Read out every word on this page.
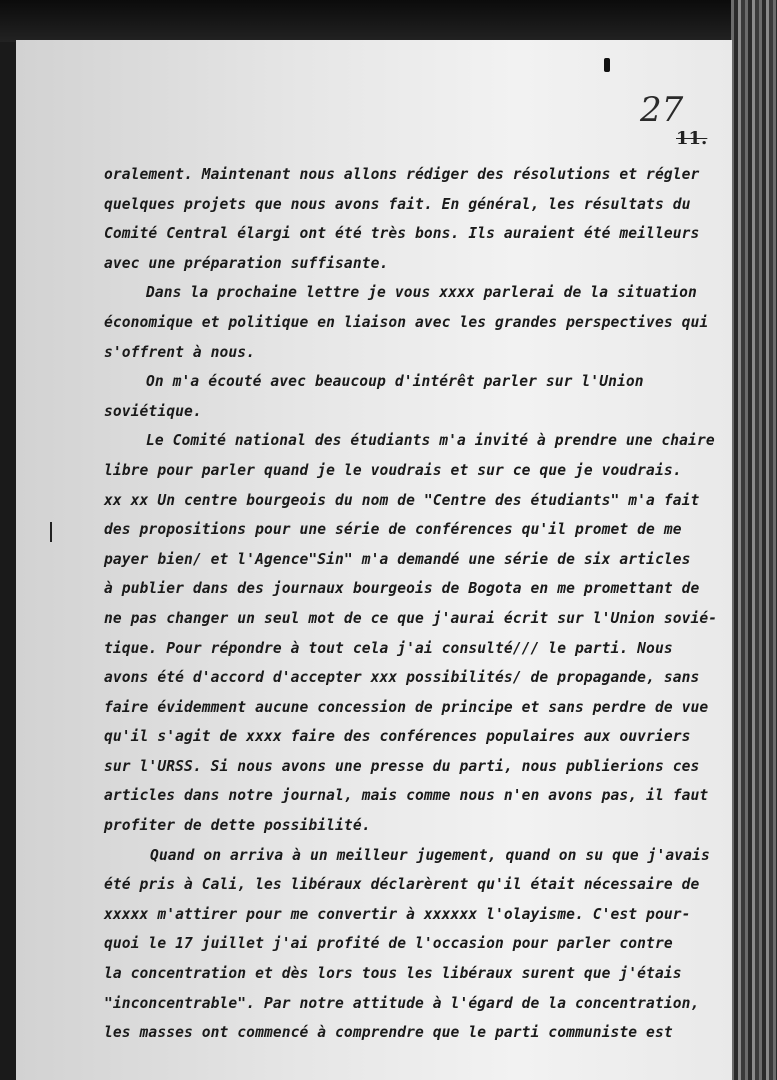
27
11.
oralement. Maintenant nous allons rédiger des résolutions et régler
quelques projets que nous avons fait. En général, les résultats du
Comité Central élargi ont été très bons. Ils auraient été meilleurs
avec une préparation suffisante.
Dans la prochaine lettre je vous xxxx parlerai de la situation
économique et politique en liaison avec les grandes perspectives qui
s'offrent à nous.
On m'a écouté avec beaucoup d'intérêt parler sur l'Union
soviétique.
Le Comité national des étudiants m'a invité à prendre une chaire
libre pour parler quand je le voudrais et sur ce que je voudrais.
xx xx Un centre bourgeois du nom de "Centre des étudiants" m'a fait
des propositions pour une série de conférences qu'il promet de me
payer bien/ et l'Agence"Sin" m'a demandé une série de six articles
à publier dans des journaux bourgeois de Bogota en me promettant de
ne pas changer un seul mot de ce que j'aurai écrit sur l'Union sovié-
tique. Pour répondre à tout cela j'ai consulté/// le parti. Nous
avons été d'accord d'accepter xxx possibilités/ de propagande, sans
faire évidemment aucune concession de principe et sans perdre de vue
qu'il s'agit de xxxx faire des conférences populaires aux ouvriers
sur l'URSS. Si nous avons une presse du parti, nous publierions ces
articles dans notre journal, mais comme nous n'en avons pas, il faut
profiter de dette possibilité.
Quand on arriva à un meilleur jugement, quand on su que j'avais
été pris à Cali, les libéraux déclarèrent qu'il était nécessaire de
xxxxx m'attirer pour me convertir à xxxxxx l'olayisme. C'est pour-
quoi le 17 juillet j'ai profité de l'occasion pour parler contre
la concentration et dès lors tous les libéraux surent que j'étais
"inconcentrable". Par notre attitude à l'égard de la concentration,
les masses ont commencé à comprendre que le parti communiste est
